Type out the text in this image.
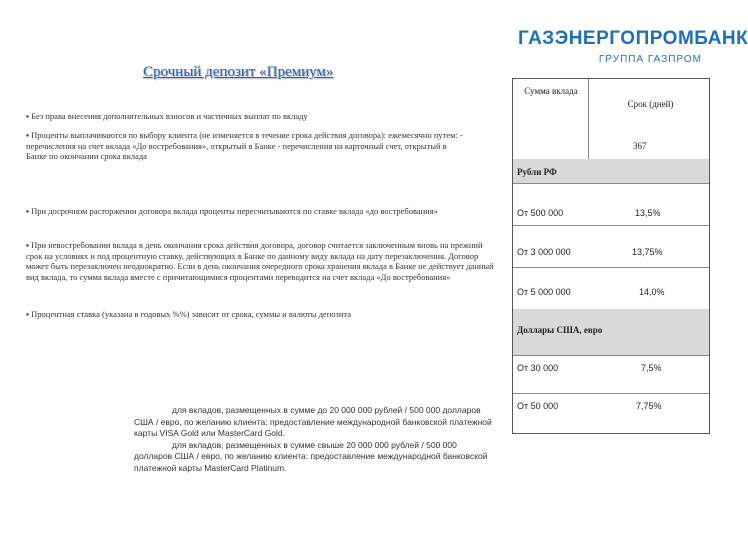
ГАЗЭНЕРГОПРОМБАНК
ГРУППА ГАЗПРОМ
Срочный депозит «Премиум»
▪ Без права внесения дополнительных взносов и частичных выплат по вкладу
▪ Проценты выплачиваются по выбору клиента (не изменяется в течение срока действия договора): ежемесячно путем: - перечисления на счет вклада «До востребования», открытый в Банке - перечисления на карточный счет, открытый в Банке по окончании срока вклада
▪ При досрочном расторжении договора вклада проценты пересчитываются по ставке вклада «до востребования»
▪ При невостребовании вклада в день окончания срока действия договора, договор считается заключенным вновь на прежний срок на условиях и под процентную ставку, действующих в Банке по данному виду вклада на дату перезаключения. Договор может быть перезаключен неоднократно. Если в день окончания очередного срока хранения вклада в Банке не действует данный вид вклада, то сумма вклада вместе с причитающимися процентами переводится на счет вклада «До востребования»
▪ Процентная ставка (указана в годовых %%) зависит от срока, суммы и валюты депозита

для вкладов, размещенных в сумме до 20 000 000 рублей / 500 000 долларов США / евро, по желанию клиента: предоставление международной банковской платежной карты VISA Gold или MasterCard Gold.

для вкладов, размещенных в сумме свыше 20 000 000 рублей / 500 000 долларов США / евро, по желанию клиента: предоставление международной банковской платежной карты MasterCard Platinum.

Сумма вклада
Срок (дней)
367
Рубли РФ
От 500 000	13,5%
От 3 000 000	13,75%
От 5 000 000	14,0%
Доллары США, евро
От 30 000	7,5%
От 50 000	7,75%
